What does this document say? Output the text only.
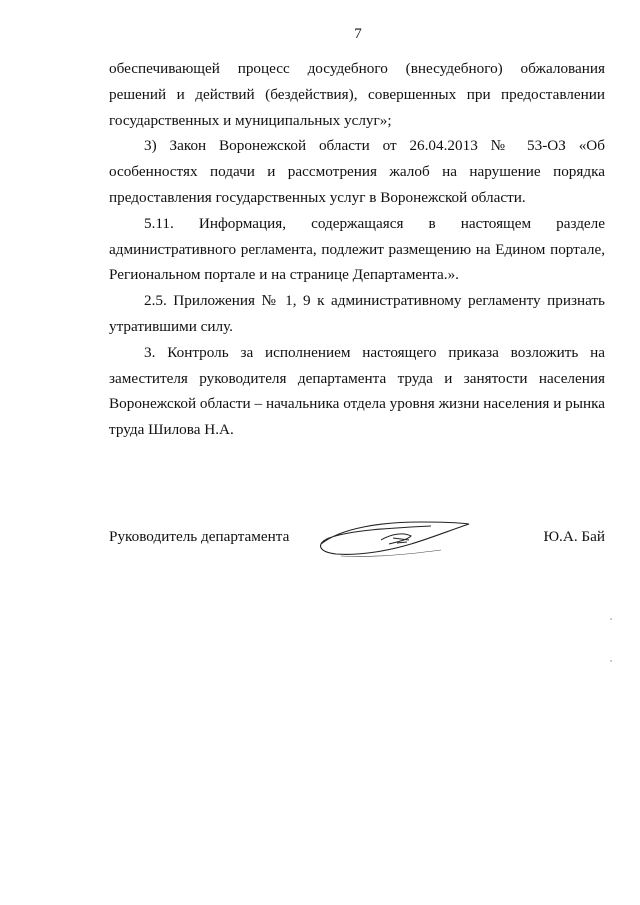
7

обеспечивающей процесс досудебного (внесудебного) обжалования решений и действий (бездействия), совершенных при предоставлении государственных и муниципальных услуг»;

3) Закон Воронежской области от 26.04.2013 № 53-ОЗ «Об особенностях подачи и рассмотрения жалоб на нарушение порядка предоставления государственных услуг в Воронежской области.

5.11. Информация, содержащаяся в настоящем разделе административного регламента, подлежит размещению на Едином портале, Региональном портале и на странице Департамента.».

2.5. Приложения № 1, 9 к административному регламенту признать утратившими силу.

3. Контроль за исполнением настоящего приказа возложить на заместителя руководителя департамента труда и занятости населения Воронежской области – начальника отдела уровня жизни населения и рынка труда Шилова Н.А.

Руководитель департамента	Ю.А. Бай
